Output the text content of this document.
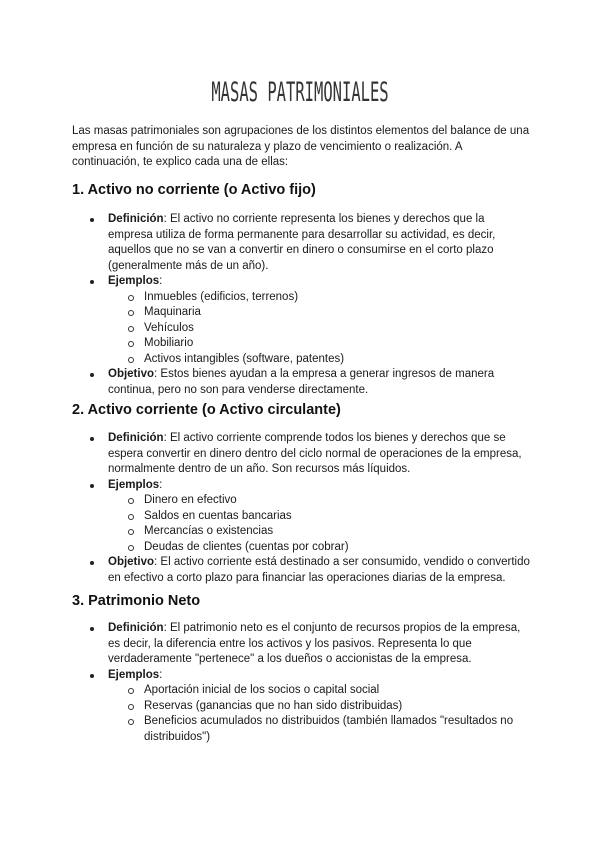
MASAS PATRIMONIALES
Las masas patrimoniales son agrupaciones de los distintos elementos del balance de una empresa en función de su naturaleza y plazo de vencimiento o realización. A continuación, te explico cada una de ellas:
1. Activo no corriente (o Activo fijo)
Definición: El activo no corriente representa los bienes y derechos que la empresa utiliza de forma permanente para desarrollar su actividad, es decir, aquellos que no se van a convertir en dinero o consumirse en el corto plazo (generalmente más de un año).
Ejemplos:
Inmuebles (edificios, terrenos)
Maquinaria
Vehículos
Mobiliario
Activos intangibles (software, patentes)
Objetivo: Estos bienes ayudan a la empresa a generar ingresos de manera continua, pero no son para venderse directamente.
2. Activo corriente (o Activo circulante)
Definición: El activo corriente comprende todos los bienes y derechos que se espera convertir en dinero dentro del ciclo normal de operaciones de la empresa, normalmente dentro de un año. Son recursos más líquidos.
Ejemplos:
Dinero en efectivo
Saldos en cuentas bancarias
Mercancías o existencias
Deudas de clientes (cuentas por cobrar)
Objetivo: El activo corriente está destinado a ser consumido, vendido o convertido en efectivo a corto plazo para financiar las operaciones diarias de la empresa.
3. Patrimonio Neto
Definición: El patrimonio neto es el conjunto de recursos propios de la empresa, es decir, la diferencia entre los activos y los pasivos. Representa lo que verdaderamente "pertenece" a los dueños o accionistas de la empresa.
Ejemplos:
Aportación inicial de los socios o capital social
Reservas (ganancias que no han sido distribuidas)
Beneficios acumulados no distribuidos (también llamados "resultados no distribuidos")
